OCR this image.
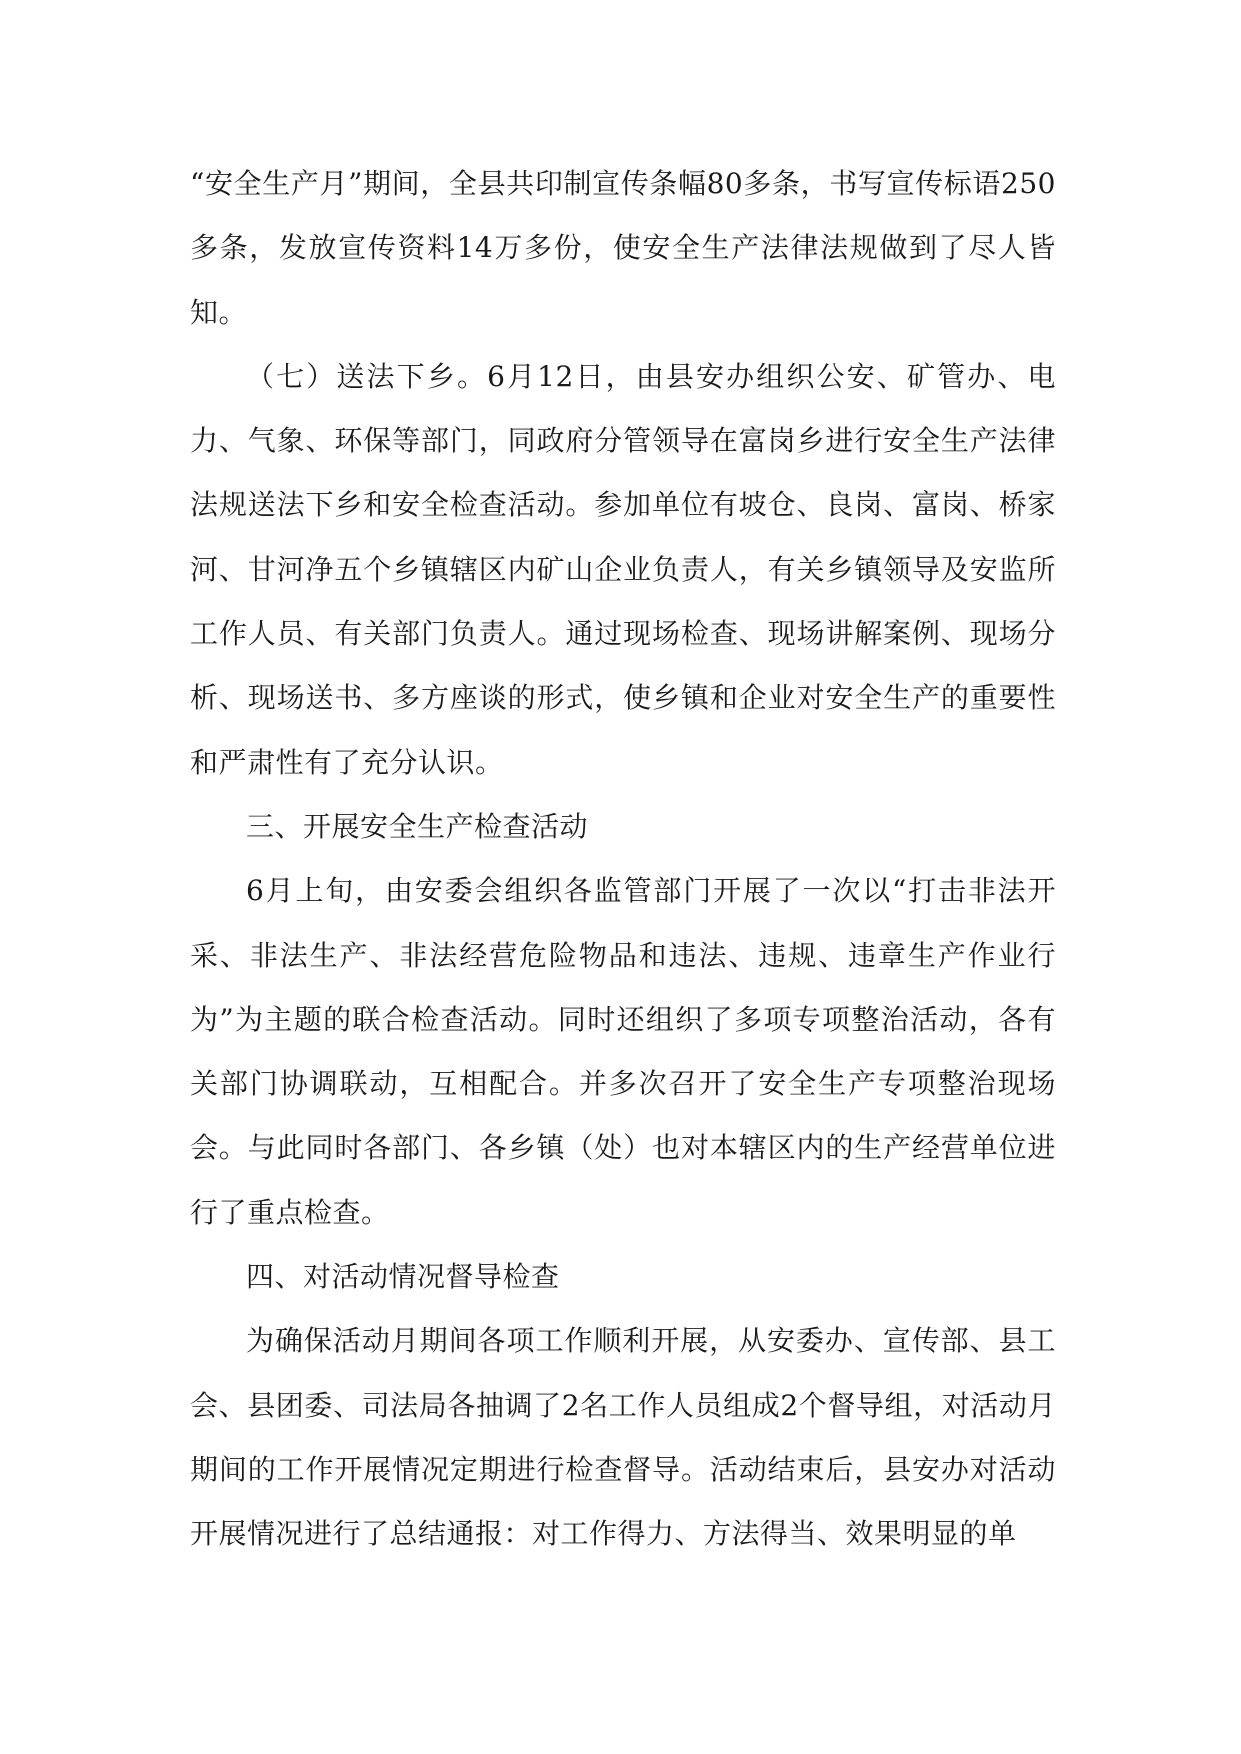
“安全生产月”期间，全县共印制宣传条幅80多条，书写宣传标语250多条，发放宣传资料14万多份，使安全生产法律法规做到了尽人皆知。

（七）送法下乡。6月12日，由县安办组织公安、矿管办、电力、气象、环保等部门，同政府分管领导在富岗乡进行安全生产法律法规送法下乡和安全检查活动。参加单位有坡仓、良岗、富岗、桥家河、甘河净五个乡镇辖区内矿山企业负责人，有关乡镇领导及安监所工作人员、有关部门负责人。通过现场检查、现场讲解案例、现场分析、现场送书、多方座谈的形式，使乡镇和企业对安全生产的重要性和严肃性有了充分认识。

三、开展安全生产检查活动

6月上旬，由安委会组织各监管部门开展了一次以“打击非法开采、非法生产、非法经营危险物品和违法、违规、违章生产作业行为”为主题的联合检查活动。同时还组织了多项专项整治活动，各有关部门协调联动，互相配合。并多次召开了安全生产专项整治现场会。与此同时各部门、各乡镇（处）也对本辖区内的生产经营单位进行了重点检查。

四、对活动情况督导检查

为确保活动月期间各项工作顺利开展，从安委办、宣传部、县工会、县团委、司法局各抽调了2名工作人员组成2个督导组，对活动月期间的工作开展情况定期进行检查督导。活动结束后，县安办对活动开展情况进行了总结通报：对工作得力、方法得当、效果明显的单
